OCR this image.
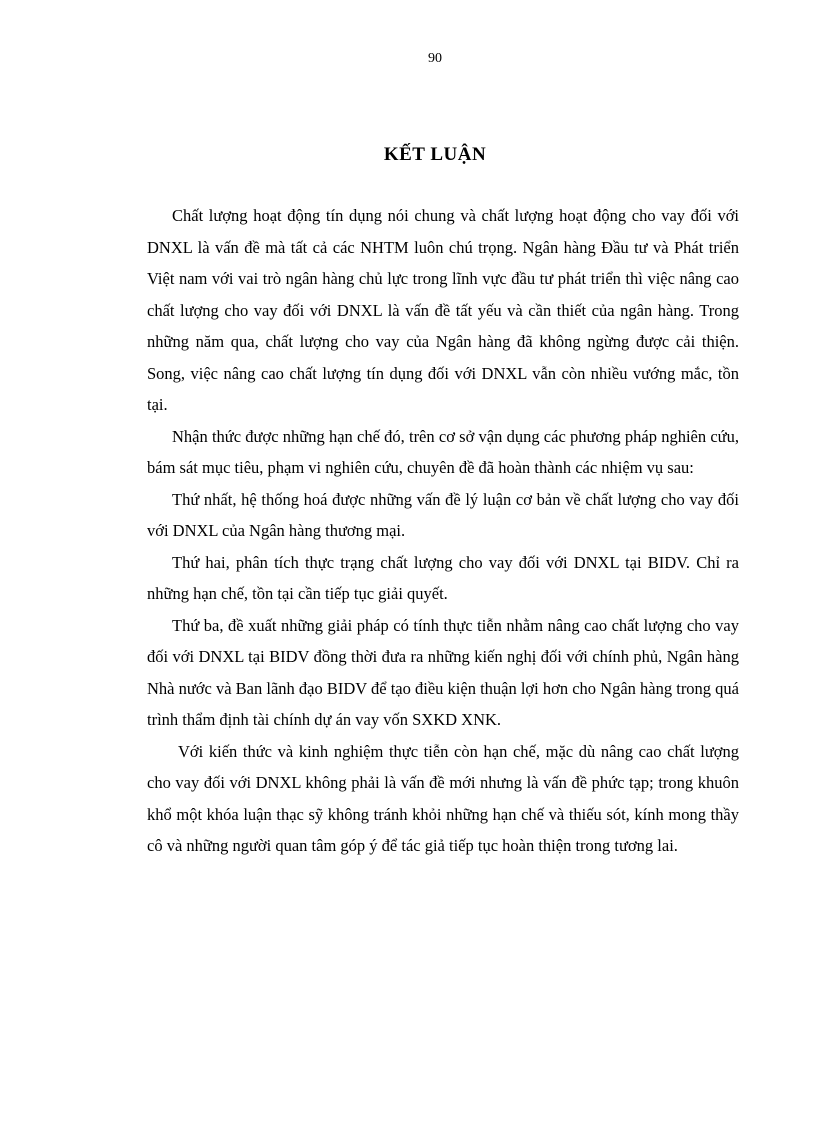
90
KẾT LUẬN

Chất lượng hoạt động tín dụng nói chung và chất lượng hoạt động cho vay đối với DNXL là vấn đề mà tất cả các NHTM luôn chú trọng. Ngân hàng Đầu tư và Phát triển Việt nam với vai trò ngân hàng chủ lực trong lĩnh vực đầu tư phát triển thì việc nâng cao chất lượng cho vay đối với DNXL là vấn đề tất yếu và cần thiết của ngân hàng. Trong những năm qua, chất lượng cho vay của Ngân hàng đã không ngừng được cải thiện. Song, việc nâng cao chất lượng tín dụng đối với DNXL vẫn còn nhiều vướng mắc, tồn tại.

Nhận thức được những hạn chế đó, trên cơ sở vận dụng các phương pháp nghiên cứu, bám sát mục tiêu, phạm vi nghiên cứu, chuyên đề đã hoàn thành các nhiệm vụ sau:

Thứ nhất, hệ thống hoá được những vấn đề lý luận cơ bản về chất lượng cho vay đối với DNXL của Ngân hàng thương mại.

Thứ hai, phân tích thực trạng chất lượng cho vay đối với DNXL tại BIDV. Chỉ ra những hạn chế, tồn tại cần tiếp tục giải quyết.

Thứ ba, đề xuất những giải pháp có tính thực tiễn nhằm nâng cao chất lượng cho vay đối với DNXL tại BIDV đồng thời đưa ra những kiến nghị đối với chính phủ, Ngân hàng Nhà nước và Ban lãnh đạo BIDV để tạo điều kiện thuận lợi hơn cho Ngân hàng trong quá trình thẩm định tài chính dự án vay vốn SXKD XNK.

Với kiến thức và kinh nghiệm thực tiễn còn hạn chế, mặc dù nâng cao chất lượng cho vay đối với DNXL không phải là vấn đề mới nhưng là vấn đề phức tạp; trong khuôn khổ một khóa luận thạc sỹ không tránh khỏi những hạn chế và thiếu sót, kính mong thầy cô và những người quan tâm góp ý để tác giả tiếp tục hoàn thiện trong tương lai.
